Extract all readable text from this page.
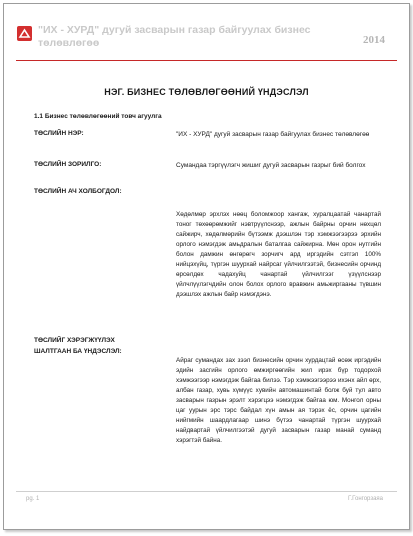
"ИХ - ХУРД" дугуй засварын газар байгуулах бизнес төлөвлөгөө	2014
НЭГ. БИЗНЕС ТӨЛӨВЛӨГӨӨНИЙ ҮНДЭСЛЭЛ
1.1 Бизнес төлөвлөгөөний товч агуулга
ТӨСЛИЙН НЭР:	"ИХ - ХУРД" дугуй засварын газар байгуулах бизнес төлөвлөгөө
ТӨСЛИЙН ЗОРИЛГО:	Сумандаа тэргүүлэгч жишиг дугуй засварын газрыг бий болгох
ТӨСЛИЙН АЧ ХОЛБОГДОЛ:
Хөдөлмөр эрхлэх нөөц боломжоор хангаж, хуралцаатай чанартай тоног төхөөрөмжийг нэвтрүүлснээр, ажлын байрны орчин нөхцөл сайжирч, хөдөлмөрийн бүтээмж дээшлэн тэр хэмжээгээрээ эрхийн орлого нэмэгдэж амьдралын баталгаа сайжирна. Мөн орон нутгийн болон дамжин өнгөрөгч зорчигч ард иргэдийн сэтгэл 100% нийцэхүйц, түргэн шуурхай найрсаг үйлчилгээтэй, бизнесийн орчинд өрсөлдөх чадахуйц чанартай үйлчилгээг үзүүлснээр үйлчлүүлэгчдийн олон болох орлого вравжин амьжиргааны түвшин дээшлэх ажлын байр нэмэгдэнэ.
ТӨСЛИЙГ ХЭРЭГЖҮҮЛЭХ
ШАЛТГААН БА ҮНДЭСЛЭЛ:
Айраг сумандах зах зээл бизнесийн орчин хурдацтай өсөж иргэдийн эдийн засгийн орлого өмжиргөөгийн жил ирэх бүр тодорхой хэмжээгээр нэмэгдэж байгаа билээ. Тэр хэмжээгээрээ ихэнх айл өрх, албан газар, хувь хүмүүс хувийн автомашинтай болж буй тул авто засварын газрын эрэлт хэрэгцээ нэмэгдэж байгаа юм. Монгол орны цаг уурын эрс тэрс байдал хүн амын ая тэрэх ёс, орчин цагийн нийгмийн шаардлагаар шинэ бүтээ чанартай түргэн шуурхай найдвартай үйлчилгээтэй дугуй засварын газар манай суманд хэрэгтэй байна.
pg. 1	Г.Гонгорзаяа
